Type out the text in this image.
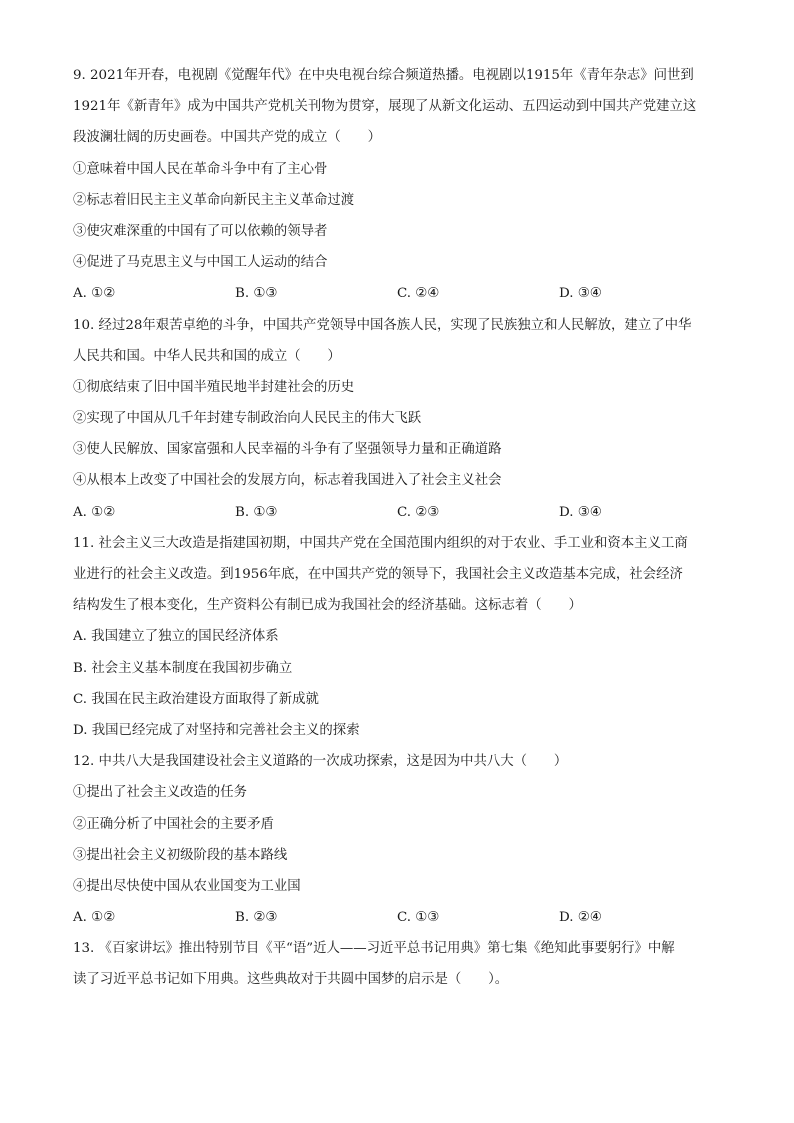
9. 2021年开春，电视剧《觉醒年代》在中央电视台综合频道热播。电视剧以1915年《青年杂志》问世到
1921年《新青年》成为中国共产党机关刊物为贯穿，展现了从新文化运动、五四运动到中国共产党建立这
段波澜壮阔的历史画卷。中国共产党的成立（　　）
①意味着中国人民在革命斗争中有了主心骨
②标志着旧民主主义革命向新民主主义革命过渡
③使灾难深重的中国有了可以依赖的领导者
④促进了马克思主义与中国工人运动的结合
A. ①②	B. ①③	C. ②④	D. ③④
10. 经过28年艰苦卓绝的斗争，中国共产党领导中国各族人民，实现了民族独立和人民解放，建立了中华
人民共和国。中华人民共和国的成立（　　）
①彻底结束了旧中国半殖民地半封建社会的历史
②实现了中国从几千年封建专制政治向人民民主的伟大飞跃
③使人民解放、国家富强和人民幸福的斗争有了坚强领导力量和正确道路
④从根本上改变了中国社会的发展方向，标志着我国进入了社会主义社会
A. ①②	B. ①③	C. ②③	D. ③④
11. 社会主义三大改造是指建国初期，中国共产党在全国范围内组织的对于农业、手工业和资本主义工商
业进行的社会主义改造。到1956年底，在中国共产党的领导下，我国社会主义改造基本完成，社会经济
结构发生了根本变化，生产资料公有制已成为我国社会的经济基础。这标志着（　　）
A. 我国建立了独立的国民经济体系
B. 社会主义基本制度在我国初步确立
C. 我国在民主政治建设方面取得了新成就
D. 我国已经完成了对坚持和完善社会主义的探索
12. 中共八大是我国建设社会主义道路的一次成功探索，这是因为中共八大（　　）
①提出了社会主义改造的任务
②正确分析了中国社会的主要矛盾
③提出社会主义初级阶段的基本路线
④提出尽快使中国从农业国变为工业国
A. ①②	B. ②③	C. ①③	D. ②④
13. 《百家讲坛》推出特别节目《平“语”近人——习近平总书记用典》第七集《绝知此事要躬行》中解
读了习近平总书记如下用典。这些典故对于共圆中国梦的启示是（　　）。
